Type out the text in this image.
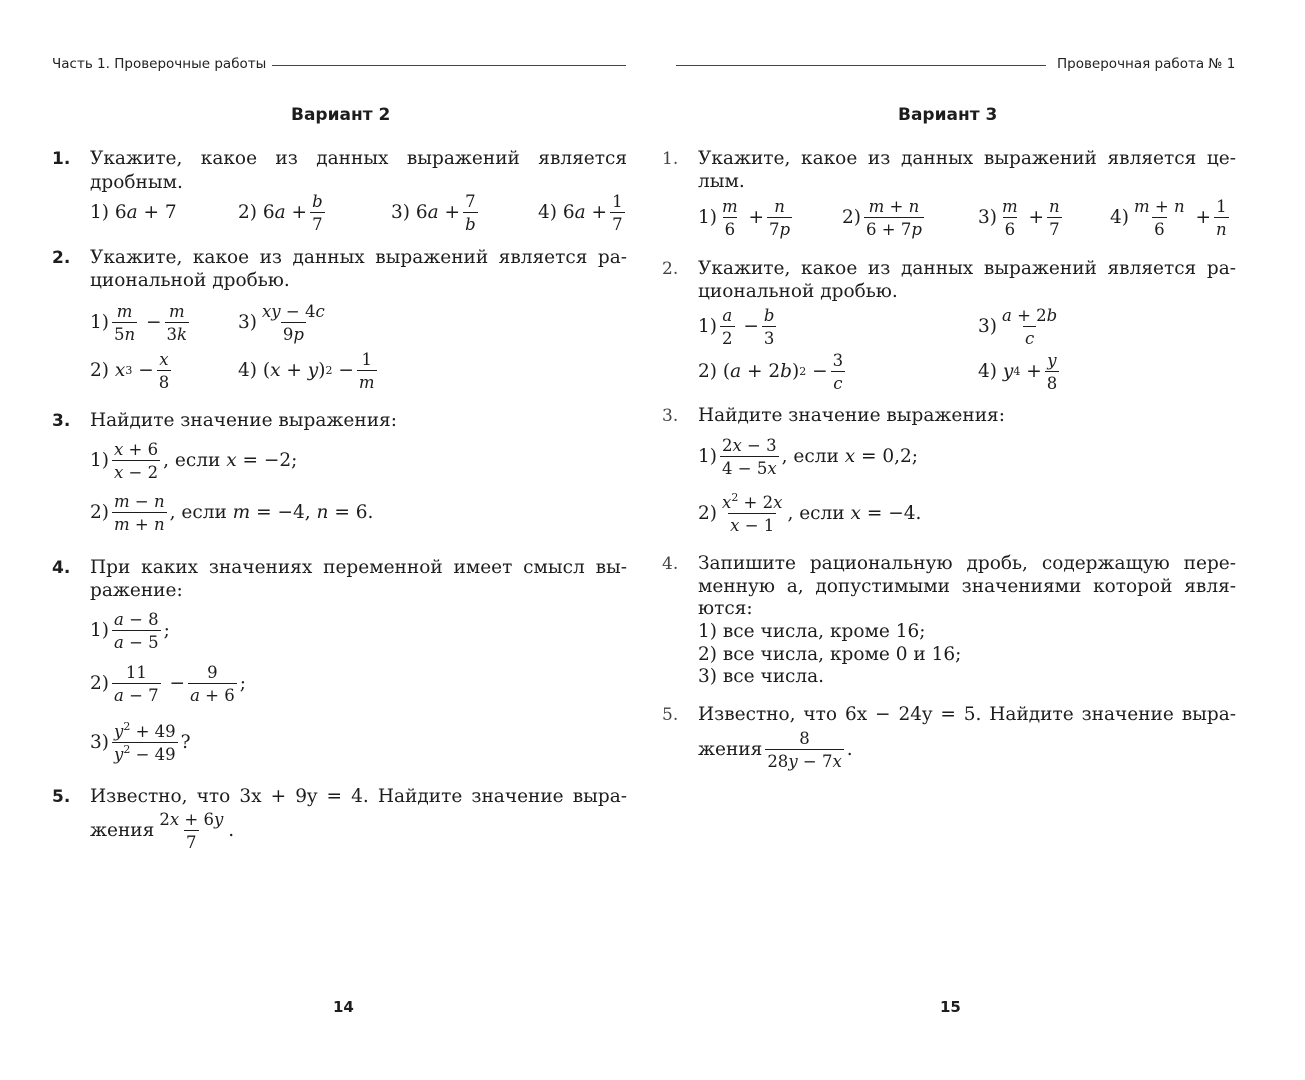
Часть 1. Проверочные работы	Проверочная работа № 1
Вариант 2	Вариант 3
1. Укажите, какое из данных выражений является
дробным.
1) 6 a + 7	2) 6 $a + \frac{b}{7}$	3) 6 $a + \frac{7}{b}$	4) 6 $a + \frac{1}{7}$
2. Укажите, какое из данных выражений является ра-
циональной дробью.
$1) \frac{m}{5n} - \frac{m}{3k}$	$3) \frac{xy - 4c}{9p}$
2) x $3 - \frac{x}{8}$	4) ( x + y ) $2 - \frac{1}{m}$
3. Найдите значение выражения:
$1) \frac{x + 6}{x - 2}$ , если x = −2;
$2) \frac{m - n}{m + n}$ , если m = −4, n = 6.
4. При каких значениях переменной имеет смысл вы-
ражение:
$1) \frac{a - 8}{a - 5}$ ;
$2) \frac{11}{a - 7} - \frac{9}{a + 6}$ ;
$3) \frac{y^2 + 49}{y^2 - 49}$ ?
5. Известно, что 3x + 9y = 4. Найдите значение выра-
жения $\frac{2x + 6y}{7}$ .
14
1. Укажите, какое из данных выражений является це-
лым.
$1) \frac{m}{6} + \frac{n}{7p}$	$2) \frac{m + n}{6 + 7p}$	$3) \frac{m}{6} + \frac{n}{7}$	$4) \frac{m + n}{6} + \frac{1}{n}$
2. Укажите, какое из данных выражений является ра-
циональной дробью.
$1) \frac{a}{2} - \frac{b}{3}$	$3) \frac{a + 2b}{c}$
2) ( a + 2 b ) $2 - \frac{3}{c}$	4) y $4 + \frac{y}{8}$
3. Найдите значение выражения:
$1) \frac{2x - 3}{4 - 5x}$ , если x = 0,2;
$2) \frac{x^2 + 2x}{x - 1}$ , если x = −4.
4. Запишите рациональную дробь, содержащую пере-
менную a, допустимыми значениями которой явля-
ются:
1) все числа, кроме 16;
2) все числа, кроме 0 и 16;
3) все числа.
5. Известно, что 6x − 24y = 5. Найдите значение выра-
жения $\frac{8}{28y - 7x}$ .
15
